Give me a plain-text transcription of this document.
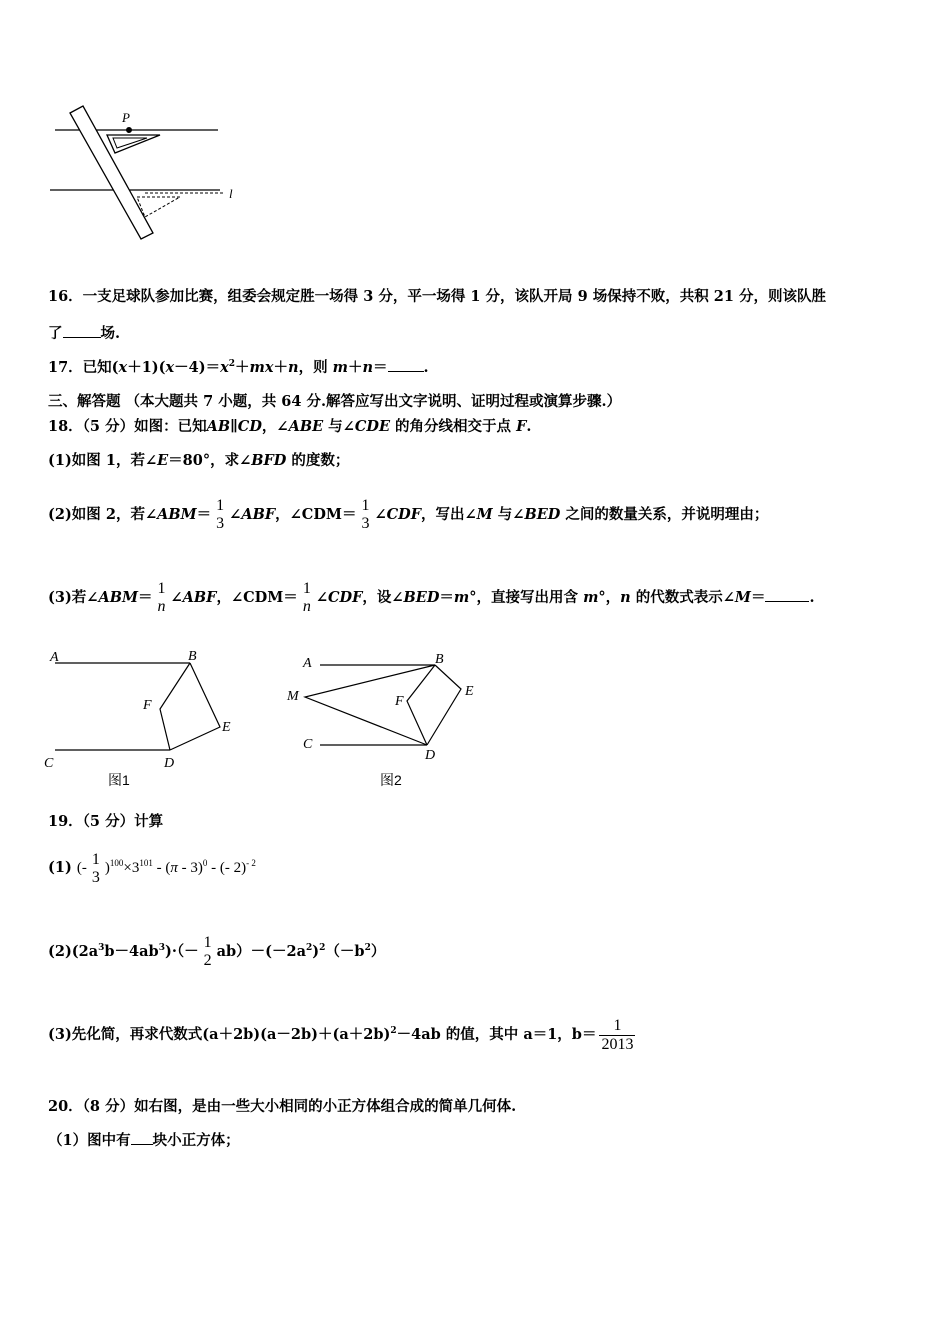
P
l
16．一支足球队参加比赛，组委会规定胜一场得 3 分，平一场得 1 分，该队开局 9 场保持不败，共积 21 分，则该队胜
了	场.
17．已知$(x+1)(x-4)=x^2+mx+n$，则 m＋n＝ .
三、解答题 （本大题共 7 小题，共 64 分.解答应写出文字说明、证明过程或演算步骤.）
18．（5 分）如图：已知AB∥CD，∠ABE 与∠CDE 的角分线相交于点 F.
(1)如图 1，若∠E＝80°，求∠BFD 的度数；
(2)如图 2，若∠ABM＝
1
3
∠ABF，∠CDM＝
1
3
∠CDF，写出∠M 与∠BED 之间的数量关系，并说明理由；
(3)若∠ABM＝
1
n
∠ABF，∠CDM＝
1
n
∠CDF，设∠BED＝m°，直接写出用含 m°，n 的代数式表示∠M＝	.
A	B
C	D
E
F
图1
A	B
C
D
E
F
M
图2
19．（5 分）计算
(1) (-
1
3
)$^{100}\times 3^{101} - (\pi - 3)^0$ - (- 2)$^{- 2}$
$(2)(2a^3b-4ab^3)\cdot(-$
1
2
$ab)-(-2a^2)^2(-b^2)$
(3)先化简，再求代数式$(a+2b)(a-2b)+(a+2b)^2-4ab$ 的值，其中 a＝1，$b= \frac{1}{2013}$
20．（8 分）如右图，是由一些大小相同的小正方体组合成的简单几何体.
（1）图中有 块小正方体；
